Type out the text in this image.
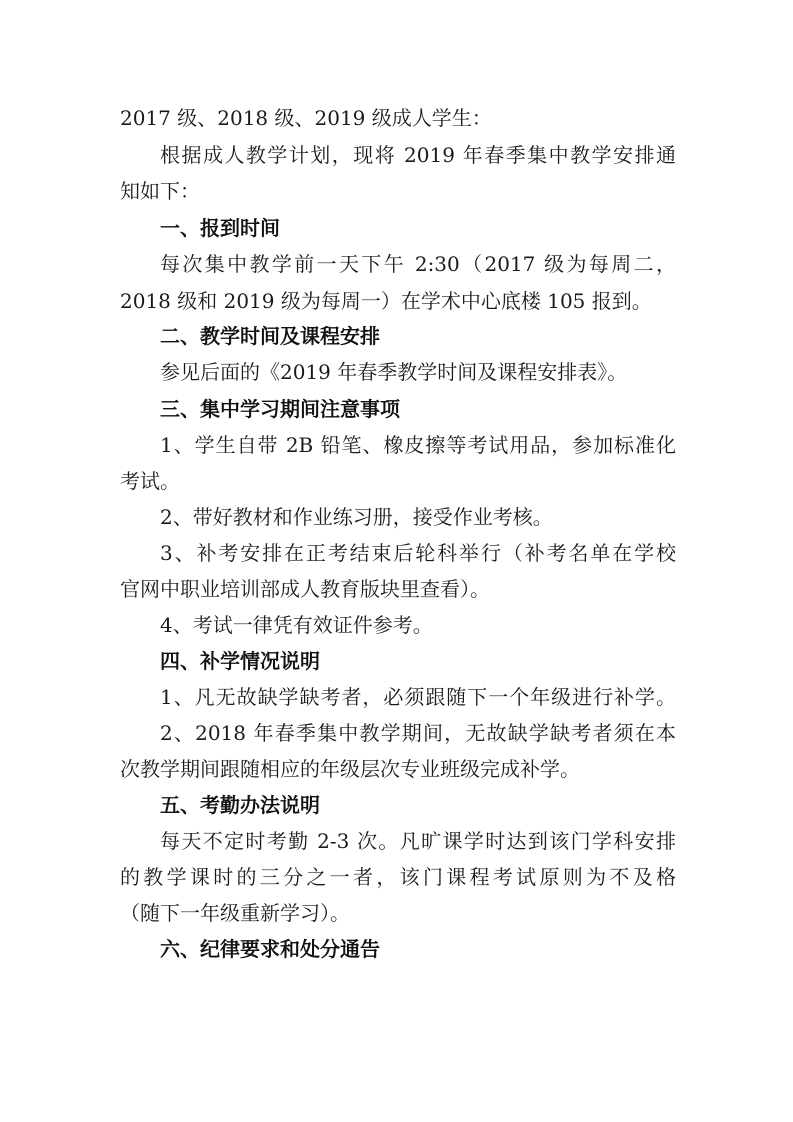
2017 级、2018 级、2019 级成人学生：
根据成人教学计划，现将 2019 年春季集中教学安排通
知如下：
一、报到时间
每次集中教学前一天下午 2:30（2017 级为每周二，
2018 级和 2019 级为每周一）在学术中心底楼 105 报到。
二、教学时间及课程安排
参见后面的《2019 年春季教学时间及课程安排表》。
三、集中学习期间注意事项
1、学生自带 2B 铅笔、橡皮擦等考试用品，参加标准化
考试。
2、带好教材和作业练习册，接受作业考核。
3、补考安排在正考结束后轮科举行（补考名单在学校
官网中职业培训部成人教育版块里查看）。
4、考试一律凭有效证件参考。
四、补学情况说明
1、凡无故缺学缺考者，必须跟随下一个年级进行补学。
2、2018 年春季集中教学期间，无故缺学缺考者须在本
次教学期间跟随相应的年级层次专业班级完成补学。
五、考勤办法说明
每天不定时考勤 2-3 次。凡旷课学时达到该门学科安排
的教学课时的三分之一者，该门课程考试原则为不及格
（随下一年级重新学习）。
六、纪律要求和处分通告
